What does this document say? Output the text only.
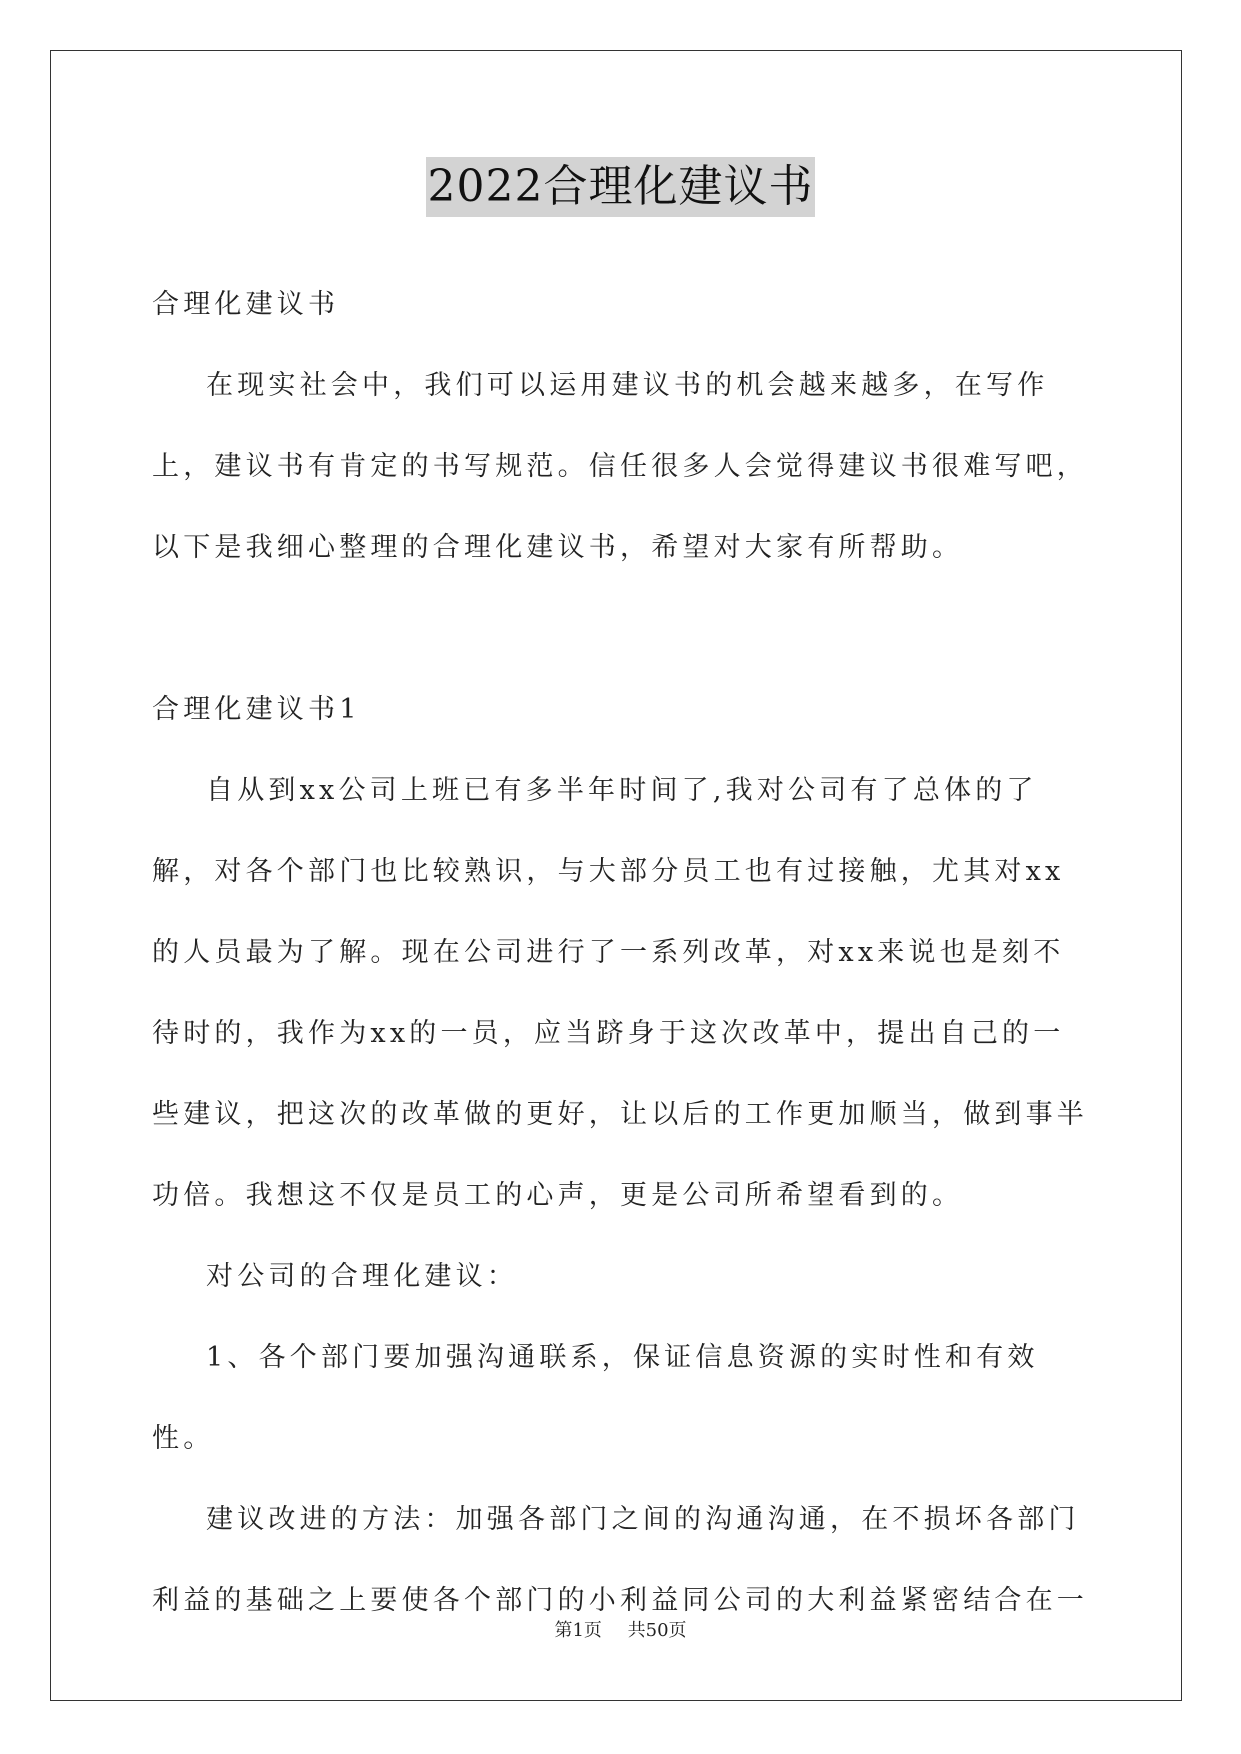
2022合理化建议书

合理化建议书

在现实社会中，我们可以运用建议书的机会越来越多，在写作上，建议书有肯定的书写规范。信任很多人会觉得建议书很难写吧，以下是我细心整理的合理化建议书，希望对大家有所帮助。

合理化建议书1

自从到xx公司上班已有多半年时间了,我对公司有了总体的了解，对各个部门也比较熟识，与大部分员工也有过接触，尤其对xx的人员最为了解。现在公司进行了一系列改革，对xx来说也是刻不待时的，我作为xx的一员，应当跻身于这次改革中，提出自己的一些建议，把这次的改革做的更好，让以后的工作更加顺当，做到事半功倍。我想这不仅是员工的心声，更是公司所希望看到的。

对公司的合理化建议：

1、各个部门要加强沟通联系，保证信息资源的实时性和有效性。

建议改进的方法：加强各部门之间的沟通沟通，在不损坏各部门利益的基础之上要使各个部门的小利益同公司的大利益紧密结合在一

第1页 共50页
